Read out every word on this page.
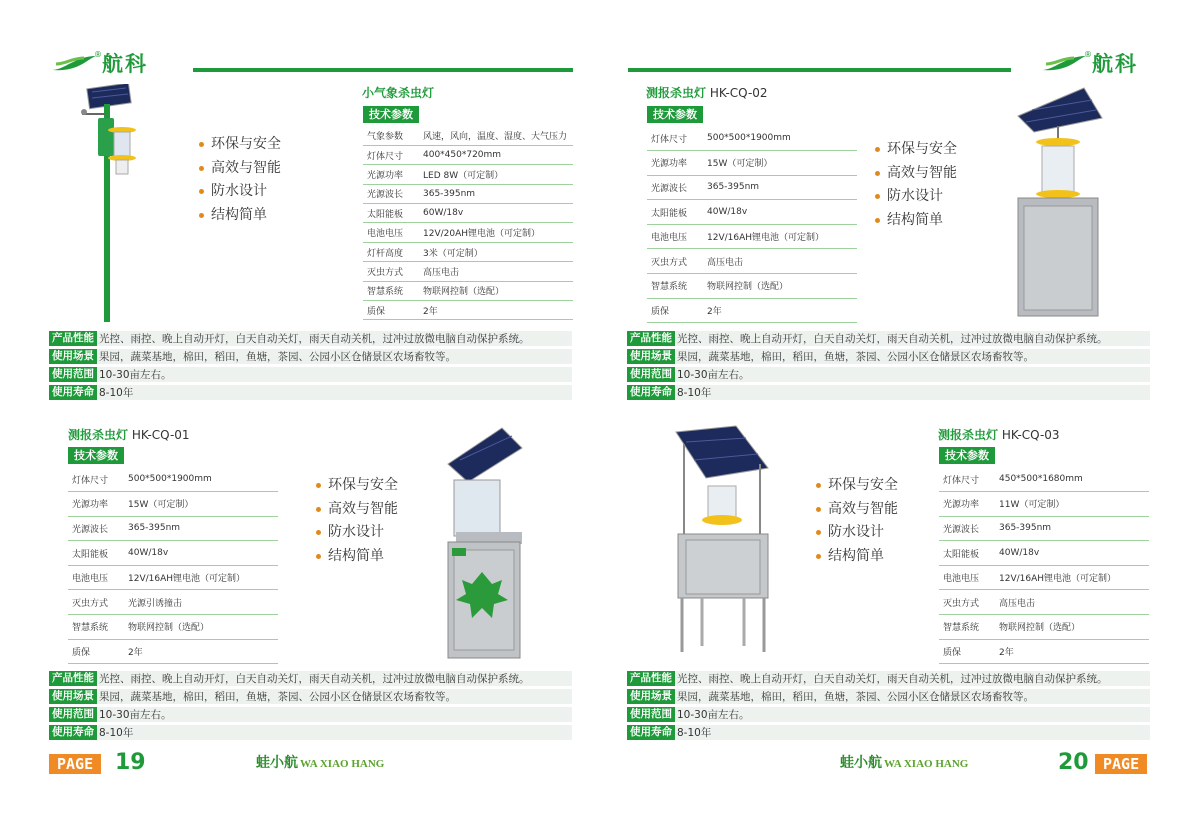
® 航科	® 航科
小气象杀虫灯
技术参数
气象参数	风速，风向，温度、湿度、大气压力
灯体尺寸	400*450*720mm
光源功率	LED 8W（可定制）
光源波长	365-395nm
太阳能板	60W/18v
电池电压	12V/20AH锂电池（可定制）
灯杆高度	3米（可定制）
灭虫方式	高压电击
智慧系统	物联网控制（选配）
质保	2年
环保与安全
高效与智能
防水设计
结构简单
产品性能 光控、雨控、晚上自动开灯，白天自动关灯，雨天自动关机，过冲过放微电脑自动保护系统。
使用场景 果园，蔬菜基地，棉田，稻田，鱼塘，茶园、公园小区仓储景区农场畜牧等。
使用范围 10-30亩左右。
使用寿命 8-10年
测报杀虫灯 HK-CQ-02
技术参数
灯体尺寸	500*500*1900mm
光源功率	15W（可定制）
光源波长	365-395nm
太阳能板	40W/18v
电池电压	12V/16AH锂电池（可定制）
灭虫方式	高压电击
智慧系统	物联网控制（选配）
质保	2年
环保与安全
高效与智能
防水设计
结构简单
产品性能 光控、雨控、晚上自动开灯，白天自动关灯，雨天自动关机，过冲过放微电脑自动保护系统。
使用场景 果园，蔬菜基地，棉田，稻田，鱼塘，茶园、公园小区仓储景区农场畜牧等。
使用范围 10-30亩左右。
使用寿命 8-10年
测报杀虫灯 HK-CQ-01
技术参数
灯体尺寸	500*500*1900mm
光源功率	15W（可定制）
光源波长	365-395nm
太阳能板	40W/18v
电池电压	12V/16AH锂电池（可定制）
灭虫方式	光源引诱撞击
智慧系统	物联网控制（选配）
质保	2年
环保与安全
高效与智能
防水设计
结构简单
产品性能 光控、雨控、晚上自动开灯，白天自动关灯，雨天自动关机，过冲过放微电脑自动保护系统。
使用场景 果园，蔬菜基地，棉田，稻田，鱼塘，茶园、公园小区仓储景区农场畜牧等。
使用范围 10-30亩左右。
使用寿命 8-10年
环保与安全
高效与智能
防水设计
结构简单
测报杀虫灯 HK-CQ-03
技术参数
灯体尺寸	450*500*1680mm
光源功率	11W（可定制）
光源波长	365-395nm
太阳能板	40W/18v
电池电压	12V/16AH锂电池（可定制）
灭虫方式	高压电击
智慧系统	物联网控制（选配）
质保	2年
产品性能 光控、雨控、晚上自动开灯，白天自动关灯，雨天自动关机，过冲过放微电脑自动保护系统。
使用场景 果园，蔬菜基地，棉田，稻田，鱼塘，茶园、公园小区仓储景区农场畜牧等。
使用范围 10-30亩左右。
使用寿命 8-10年
PAGE 19	蛙小航 WA XIAO HANG	蛙小航 WA XIAO HANG	20 PAGE
